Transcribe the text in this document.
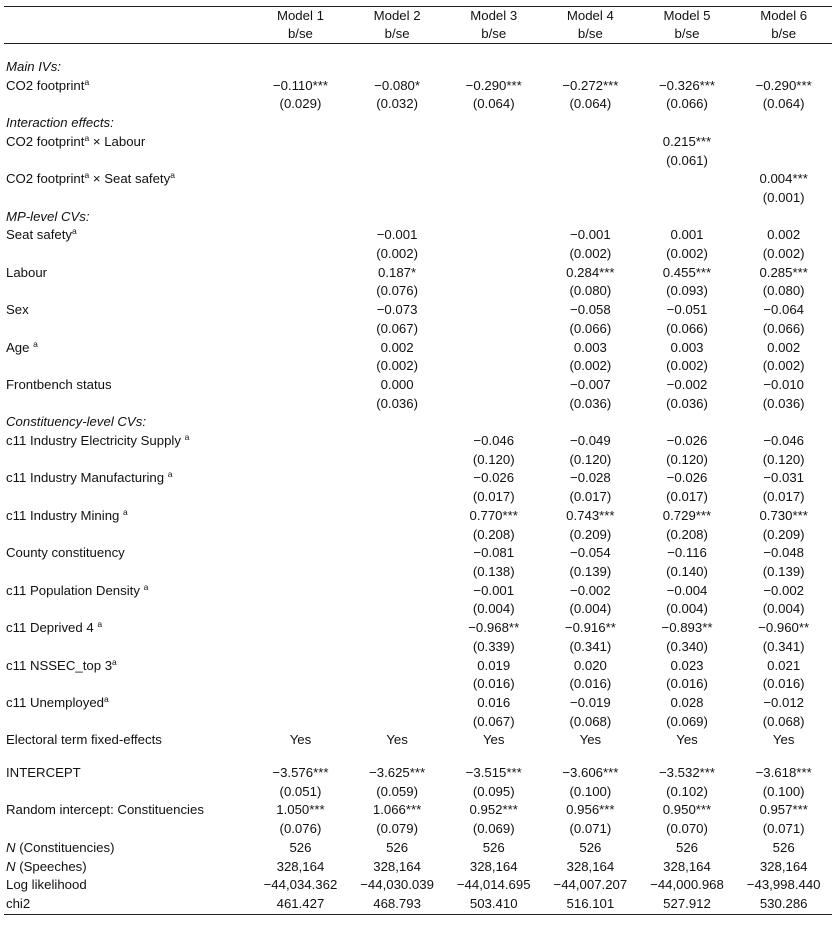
	Model 1	Model 2	Model 3	Model 4	Model 5	Model 6
	b/se	b/se	b/se	b/se	b/se	b/se

Main IVs:						
CO2 footprint$^a$	−0.110***	−0.080*	−0.290***	−0.272***	−0.326***	−0.290***
	(0.029)	(0.032)	(0.064)	(0.064)	(0.066)	(0.064)
Interaction effects:						
CO2 footprint$^a$ × Labour					0.215***	
					(0.061)	
CO2 footprint$^a$ × Seat safety$^a$						0.004***
						(0.001)
MP-level CVs:						
Seat safety$^a$		−0.001		−0.001	0.001	0.002
		(0.002)		(0.002)	(0.002)	(0.002)
Labour		0.187*		0.284***	0.455***	0.285***
		(0.076)		(0.080)	(0.093)	(0.080)
Sex		−0.073		−0.058	−0.051	−0.064
		(0.067)		(0.066)	(0.066)	(0.066)
Age $^a$		0.002		0.003	0.003	0.002
		(0.002)		(0.002)	(0.002)	(0.002)
Frontbench status		0.000		−0.007	−0.002	−0.010
		(0.036)		(0.036)	(0.036)	(0.036)
Constituency-level CVs:						
c11 Industry Electricity Supply $^a$			−0.046	−0.049	−0.026	−0.046
			(0.120)	(0.120)	(0.120)	(0.120)
c11 Industry Manufacturing $^a$			−0.026	−0.028	−0.026	−0.031
			(0.017)	(0.017)	(0.017)	(0.017)
c11 Industry Mining $^a$			0.770***	0.743***	0.729***	0.730***
			(0.208)	(0.209)	(0.208)	(0.209)
County constituency			−0.081	−0.054	−0.116	−0.048
			(0.138)	(0.139)	(0.140)	(0.139)
c11 Population Density $^a$			−0.001	−0.002	−0.004	−0.002
			(0.004)	(0.004)	(0.004)	(0.004)
c11 Deprived 4 $^a$			−0.968**	−0.916**	−0.893**	−0.960**
			(0.339)	(0.341)	(0.340)	(0.341)
c11 NSSEC_top 3$^a$			0.019	0.020	0.023	0.021
			(0.016)	(0.016)	(0.016)	(0.016)
c11 Unemployed$^a$			0.016	−0.019	0.028	−0.012
			(0.067)	(0.068)	(0.069)	(0.068)
Electoral term fixed-effects	Yes	Yes	Yes	Yes	Yes	Yes

INTERCEPT	−3.576***	−3.625***	−3.515***	−3.606***	−3.532***	−3.618***
	(0.051)	(0.059)	(0.095)	(0.100)	(0.102)	(0.100)
Random intercept: Constituencies	1.050***	1.066***	0.952***	0.956***	0.950***	0.957***
	(0.076)	(0.079)	(0.069)	(0.071)	(0.070)	(0.071)
N (Constituencies)	526	526	526	526	526	526
N (Speeches)	328,164	328,164	328,164	328,164	328,164	328,164
Log likelihood	−44,034.362	−44,030.039	−44,014.695	−44,007.207	−44,000.968	−43,998.440
chi2	461.427	468.793	503.410	516.101	527.912	530.286
